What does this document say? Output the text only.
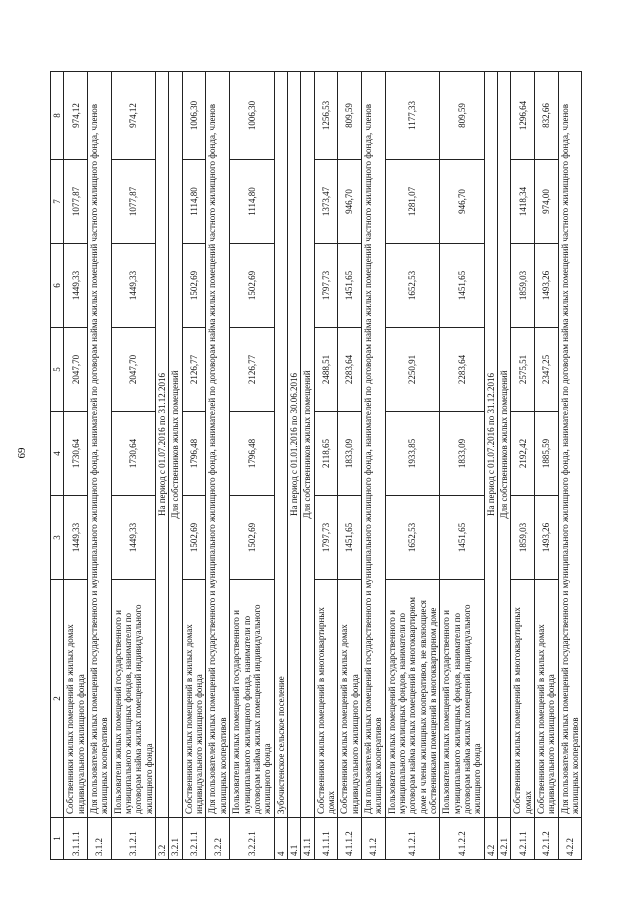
69
1	2	3	4	5	6	7	8
3.1.1.1	Собственники жилых помещений в жилых домах индивидуального жилищного фонда	1449,33	1730,64	2047,70	1449,33	1077,87	974,12
3.1.2	Для пользователей жилых помещений государственного и муниципального жилищного фонда, нанимателей по договорам найма жилых помещений частного жилищного фонда, членов жилищных кооперативов						
3.1.2.1	Пользователи жилых помещений государственного и муниципального жилищных фондов, наниматели по договорам найма жилых помещений индивидуального жилищного фонда	1449,33	1730,64	2047,70	1449,33	1077,87	974,12
3.2	На период с 01.07.2016 по 31.12.2016						
3.2.1	Для собственников жилых помещений						
3.2.1.1	Собственники жилых помещений в жилых домах индивидуального жилищного фонда	1502,69	1796,48	2126,77	1502,69	1114,80	1006,30
3.2.2	Для пользователей жилых помещений государственного и муниципального жилищного фонда, нанимателей по договорам найма жилых помещений частного жилищного фонда, членов жилищных кооперативов						
3.2.2.1	Пользователи жилых помещений государственного и муниципального жилищного фонда, наниматели по договорам найма жилых помещений индивидуального жилищного фонда	1502,69	1796,48	2126,77	1502,69	1114,80	1006,30
4	Зубочистенское сельское поселение						
4.1	На период с 01.01.2016 по 30.06.2016						
4.1.1	Для собственников жилых помещений						
4.1.1.1	Собственники жилых помещений в многоквартирных домах	1797,73	2118,65	2488,51	1797,73	1373,47	1256,53
4.1.1.2	Собственники жилых помещений в жилых домах индивидуального жилищного фонда	1451,65	1833,09	2283,64	1451,65	946,70	809,59
4.1.2	Для пользователей жилых помещений государственного и муниципального жилищного фонда, нанимателей по договорам найма жилых помещений частного жилищного фонда, членов жилищных кооперативов						
4.1.2.1	Пользователи жилых помещений государственного и муниципального жилищных фондов, наниматели по договорам найма жилых помещений в многоквартирном доме и члены жилищных кооперативов, не являющиеся собственниками помещений в многоквартирном доме	1652,53	1933,85	2250,91	1652,53	1281,07	1177,33
4.1.2.2	Пользователи жилых помещений государственного и муниципального жилищных фондов, наниматели по договорам найма жилых помещений индивидуального жилищного фонда	1451,65	1833,09	2283,64	1451,65	946,70	809,59
4.2	На период с 01.07.2016 по 31.12.2016						
4.2.1	Для собственников жилых помещений						
4.2.1.1	Собственники жилых помещений в многоквартирных домах	1859,03	2192,42	2575,51	1859,03	1418,34	1296,64
4.2.1.2	Собственники жилых помещений в жилых домах индивидуального жилищного фонда	1493,26	1885,59	2347,25	1493,26	974,00	832,66
4.2.2	Для пользователей жилых помещений государственного и муниципального жилищного фонда, нанимателей по договорам найма жилых помещений частного жилищного фонда, членов жилищных кооперативов						
